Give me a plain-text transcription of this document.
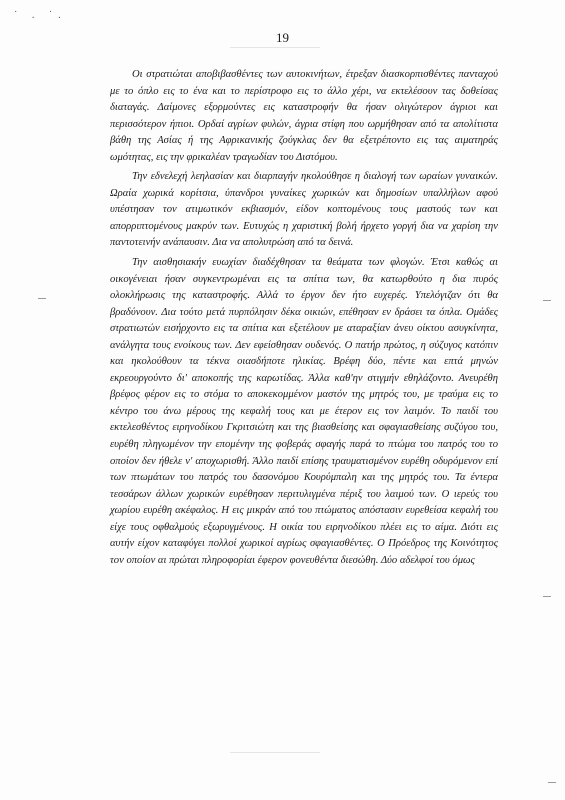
˙ . ˙.
19

Οι στρατιώται αποβιβασθέντες των αυτοκινήτων, έτρεξαν διασκορπισθέντες πανταχού με το όπλο εις το ένα και το περίστροφο εις το άλλο χέρι, να εκτελέσουν τας δοθείσας διαταγάς. Δαίμονες εξορμούντες εις καταστροφήν θα ήσαν ολιγώτερον άγριοι και περισσότερον ήπιοι. Ορδαί αγρίων φυλών, άγρια στίφη που ωρμήθησαν από τα απολίτιστα βάθη της Ασίας ή της Αφρικανικής ζούγκλας δεν θα εξετρέποντο εις τας αιματηράς ωμότητας, εις την φρικαλέαν τραγωδίαν του Διστόμου.

Την εδνελεχή λεηλασίαν και διαρπαγήν ηκολούθησε η διαλογή των ωραίων γυναικών. Ωραία χωρικά κορίτσια, ύπανδροι γυναίκες χωρικών και δημοσίων υπαλλήλων αφού υπέστησαν τον ατιμωτικόν εκβιασμόν, είδον κοπτομένους τους μαστούς των και απορριπτομένους μακρύν των. Ευτυχώς η χαριστική βολή ήρχετο γοργή δια να χαρίση την παντοτεινήν ανάπαυσιν. Δια να απολυτρώση από τα δεινά.

Την αισθησιακήν ευωχίαν διαδέχθησαν τα θεάματα των φλογών. Έτσι καθώς αι οικογένειαι ήσαν συγκεντρωμέναι εις τα σπίτια των, θα κατωρθούτο η δια πυρός ολοκλήρωσις της καταστροφής. Αλλά το έργον δεν ήτο ευχερές. Υπελόγιζαν ότι θα βραδύνουν. Δια τούτο μετά πυρπόλησιν δέκα οικιών, επέθησαν εν δράσει τα όπλα. Ομάδες στρατιωτών εισήρχοντο εις τα σπίτια και εξετέλουν με αταραξίαν άνευ οίκτου ασυγκίνητα, ανάλγητα τους ενοίκους των. Δεν εφείσθησαν ουδενός. Ο πατήρ πρώτος, η σύζυγος κατόπιν και ηκολούθουν τα τέκνα οιασδήποτε ηλικίας. Βρέφη δύο, πέντε και επτά μηνών εκρεουργούντο δι' αποκοπής της καρωτίδας. Άλλα καθ'ην στιγμήν εθηλάζοντο. Ανευρέθη βρέφος φέρον εις το στόμα το αποκεκομμένον μαστόν της μητρός του, με τραύμα εις το κέντρο του άνω μέρους της κεφαλή τους και με έτερον εις τον λαιμόν. Το παιδί του εκτελεσθέντος ειρηνοδίκου Γκριτσιώτη και της βιασθείσης και σφαγιασθείσης συζύγου του, ευρέθη πληγωμένον την επομένην της φοβεράς σφαγής παρά το πτώμα του πατρός του το οποίον δεν ήθελε ν' αποχωρισθή. Άλλο παιδί επίσης τραυματισμένον ευρέθη οδυρόμενον επί των πτωμάτων του πατρός του δασονόμου Κουρύμπαλη και της μητρός του. Τα έντερα τεσσάρων άλλων χωρικών ευρέθησαν περιτυλιγμένα πέριξ του λαιμού των. Ο ιερεύς του χωρίου ευρέθη ακέφαλος. Η εις μικράν από του πτώματος απόστασιν ευρεθείσα κεφαλή του είχε τους οφθαλμούς εξωρυγμένους. Η οικία του ειρηνοδίκου πλέει εις το αίμα. Διότι εις αυτήν είχον καταφύγει πολλοί χωρικοί αγρίως σφαγιασθέντες. Ο Πρόεδρος της Κοινότητος τον οποίον αι πρώται πληροφορίαι έφερον φονευθέντα διεσώθη. Δύο αδελφοί του όμως
